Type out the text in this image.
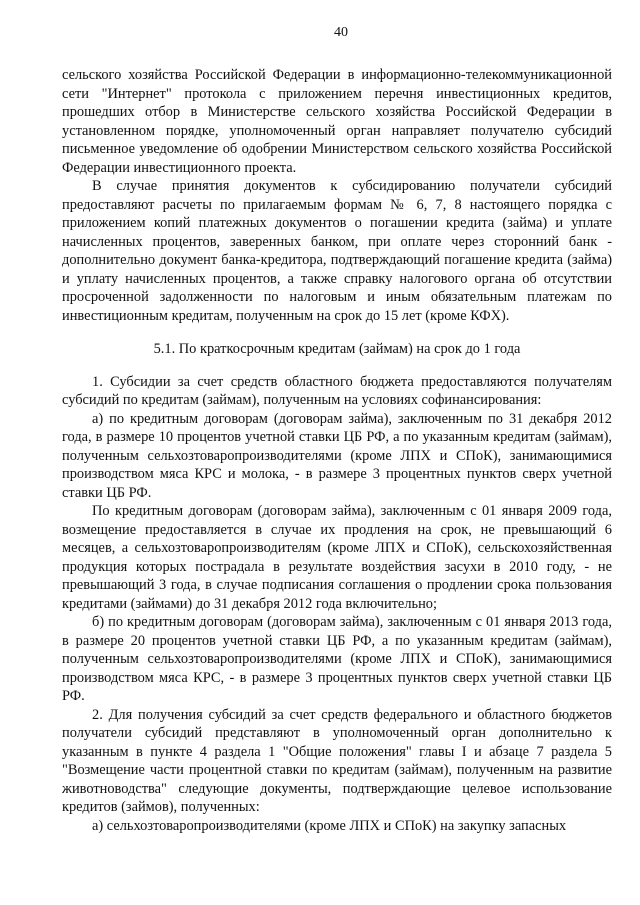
40

сельского хозяйства Российской Федерации в информационно-телекоммуникационной сети "Интернет" протокола с приложением перечня инвестиционных кредитов, прошедших отбор в Министерстве сельского хозяйства Российской Федерации в установленном порядке, уполномоченный орган направляет получателю субсидий письменное уведомление об одобрении Министерством сельского хозяйства Российской Федерации инвестиционного проекта.

В случае принятия документов к субсидированию получатели субсидий предоставляют расчеты по прилагаемым формам № 6, 7, 8 настоящего порядка с приложением копий платежных документов о погашении кредита (займа) и уплате начисленных процентов, заверенных банком, при оплате через сторонний банк - дополнительно документ банка-кредитора, подтверждающий погашение кредита (займа) и уплату начисленных процентов, а также справку налогового органа об отсутствии просроченной задолженности по налоговым и иным обязательным платежам по инвестиционным кредитам, полученным на срок до 15 лет (кроме КФХ).

5.1. По краткосрочным кредитам (займам) на срок до 1 года

1. Субсидии за счет средств областного бюджета предоставляются получателям субсидий по кредитам (займам), полученным на условиях софинансирования:

а) по кредитным договорам (договорам займа), заключенным по 31 декабря 2012 года, в размере 10 процентов учетной ставки ЦБ РФ, а по указанным кредитам (займам), полученным сельхозтоваропроизводителями (кроме ЛПХ и СПоК), занимающимися производством мяса КРС и молока, - в размере 3 процентных пунктов сверх учетной ставки ЦБ РФ.

По кредитным договорам (договорам займа), заключенным с 01 января 2009 года, возмещение предоставляется в случае их продления на срок, не превышающий 6 месяцев, а сельхозтоваропроизводителям (кроме ЛПХ и СПоК), сельскохозяйственная продукция которых пострадала в результате воздействия засухи в 2010 году, - не превышающий 3 года, в случае подписания соглашения о продлении срока пользования кредитами (займами) до 31 декабря 2012 года включительно;

б) по кредитным договорам (договорам займа), заключенным с 01 января 2013 года, в размере 20 процентов учетной ставки ЦБ РФ, а по указанным кредитам (займам), полученным сельхозтоваропроизводителями (кроме ЛПХ и СПоК), занимающимися производством мяса КРС, - в размере 3 процентных пунктов сверх учетной ставки ЦБ РФ.

2. Для получения субсидий за счет средств федерального и областного бюджетов получатели субсидий представляют в уполномоченный орган дополнительно к указанным в пункте 4 раздела 1 "Общие положения" главы I и абзаце 7 раздела 5 "Возмещение части процентной ставки по кредитам (займам), полученным на развитие животноводства" следующие документы, подтверждающие целевое использование кредитов (займов), полученных:

а) сельхозтоваропроизводителями (кроме ЛПХ и СПоК) на закупку запасных
